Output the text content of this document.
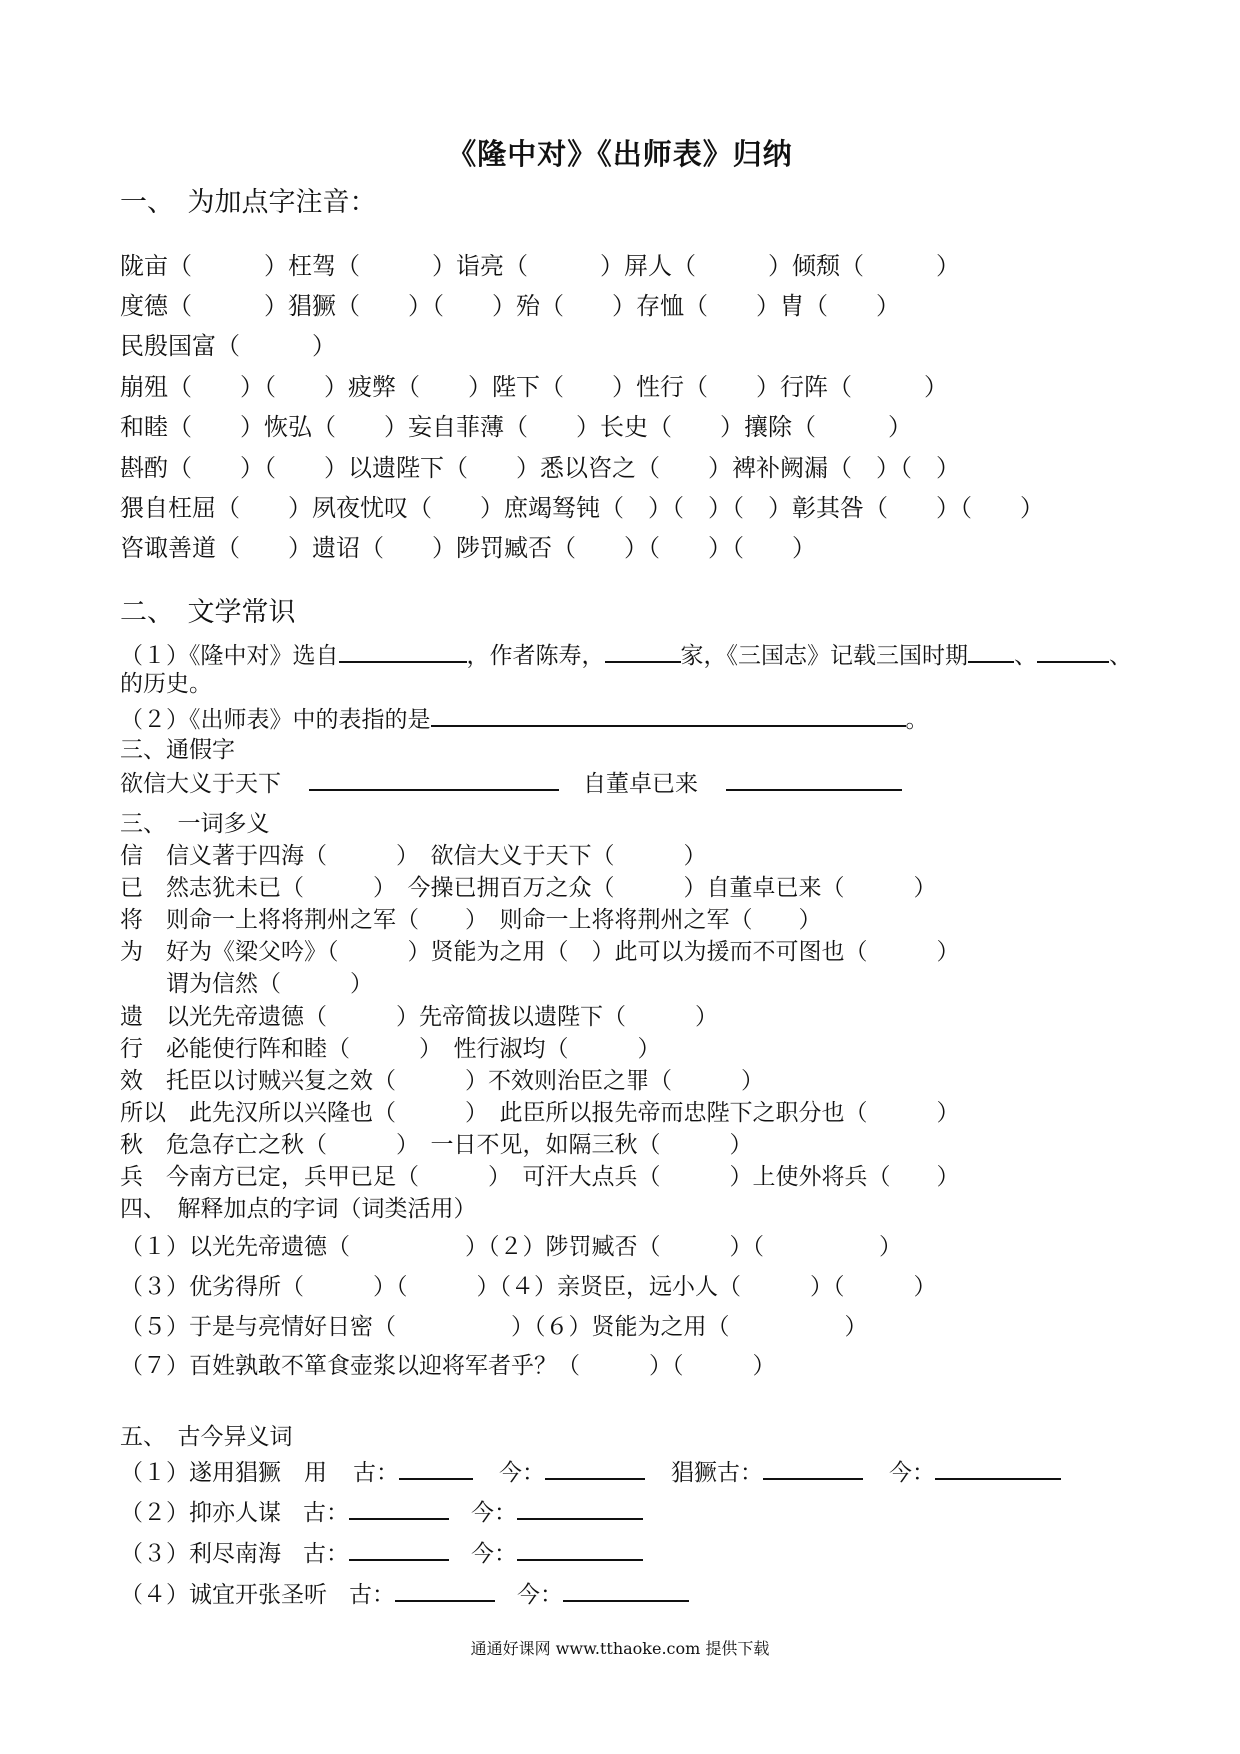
《隆中对》《出师表》归纳
一、　为加点字注音：
陇亩（　　　）枉驾（　　　）诣亮（　　　）屏人（　　　）倾颓（　　　）
度德（　　　）猖獗（　　）（　　）殆（　　）存恤（　　）胄（　　）
民殷国富（　　　）
崩殂（　　）（　　）疲弊（　　）陛下（　　）性行（　　）行阵（　　　）
和睦（　　）恢弘（　　）妄自菲薄（　　）长史（　　）攘除（　　　）
斟酌（　　）（　　）以遗陛下（　　）悉以咨之（　　）裨补阙漏（　）（　）
猥自枉屈（　　）夙夜忧叹（　　）庶竭驽钝（　）（　）（　）彰其咎（　　）（　　）
咨诹善道（　　）遗诏（　　）陟罚臧否（　　）（　　）（　　）
二、　文学常识
（１）《隆中对》选自	，作者陈寿，	家，《三国志》记载三国时期 、	、
的历史。
（２）《出师表》中的表指的是	。
三、通假字
欲信大义于天下	自董卓已来
三、　一词多义
信　信义著于四海（　　　）　欲信大义于天下（　　　）
已　然志犹未已（　　　）　今操已拥百万之众（　　　）自董卓已来（　　　）
将　则命一上将将荆州之军（　　）　则命一上将将荆州之军（　　）
为　好为《梁父吟》（　　　）贤能为之用（　）此可以为援而不可图也（　　　）
　　谓为信然（　　　）
遗　以光先帝遗德（　　　）先帝简拔以遗陛下（　　　）
行　必能使行阵和睦（　　　）　性行淑均（　　　）
效　托臣以讨贼兴复之效（　　　）不效则治臣之罪（　　　）
所以　此先汉所以兴隆也（　　　）　此臣所以报先帝而忠陛下之职分也（　　　）
秋　危急存亡之秋（　　　）　一日不见，如隔三秋（　　　）
兵　今南方已定，兵甲已足（　　　）　可汗大点兵（　　　）上使外将兵（　　）
四、　解释加点的字词（词类活用）
（１）以光先帝遗德（　　　　　）（２）陟罚臧否（　　　）（　　　　　）
（３）优劣得所（　　　）（　　　）（４）亲贤臣，远小人（　　　）（　　　）
（５）于是与亮情好日密（　　　　　）（６）贤能为之用（　　　　　）
（７）百姓孰敢不箪食壶浆以迎将军者乎？（　　　）（　　　）
五、　古今异义词
（１）遂用猖獗　用 古：	今：	猖獗古：	今：
（２）抑亦人谋 古：	今：
（３）利尽南海 古：	今：
（４）诚宜开张圣听 古：	今：
通通好课网 www.tthaoke.com 提供下载
